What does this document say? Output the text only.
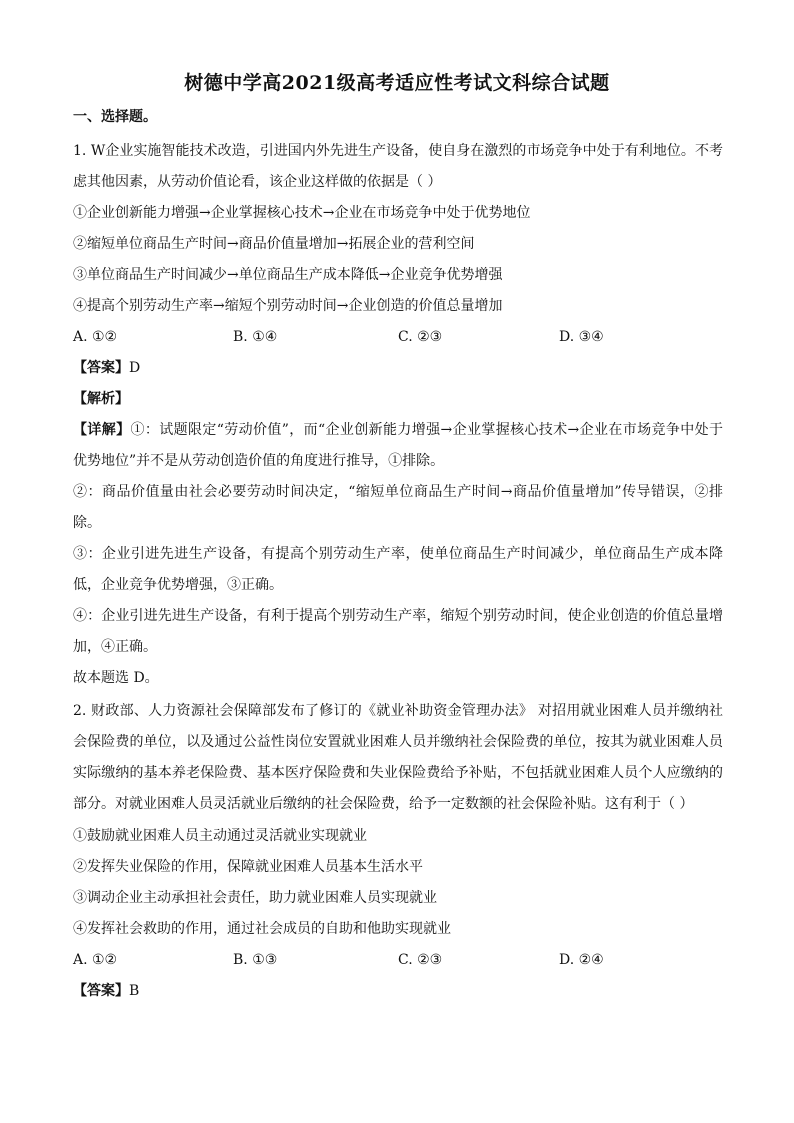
树德中学高2021级高考适应性考试文科综合试题
一、选择题。
1. W企业实施智能技术改造，引进国内外先进生产设备，使自身在激烈的市场竞争中处于有利地位。不考
虑其他因素，从劳动价值论看，该企业这样做的依据是（ ）
①企业创新能力增强→企业掌握核心技术→企业在市场竞争中处于优势地位
②缩短单位商品生产时间→商品价值量增加→拓展企业的营利空间
③单位商品生产时间减少→单位商品生产成本降低→企业竞争优势增强
④提高个别劳动生产率→缩短个别劳动时间→企业创造的价值总量增加
A. ①②	B. ①④	C. ②③	D. ③④
【答案】D
【解析】
【详解】①：试题限定“劳动价值”，而“企业创新能力增强→企业掌握核心技术→企业在市场竞争中处于
优势地位”并不是从劳动创造价值的角度进行推导，①排除。
②：商品价值量由社会必要劳动时间决定，“缩短单位商品生产时间→商品价值量增加”传导错误，②排
除。
③：企业引进先进生产设备，有提高个别劳动生产率，使单位商品生产时间减少，单位商品生产成本降
低，企业竞争优势增强，③正确。
④：企业引进先进生产设备，有利于提高个别劳动生产率，缩短个别劳动时间，使企业创造的价值总量增
加，④正确。
故本题选 D。
2. 财政部、人力资源社会保障部发布了修订的《就业补助资金管理办法》 对招用就业困难人员并缴纳社
会保险费的单位，以及通过公益性岗位安置就业困难人员并缴纳社会保险费的单位，按其为就业困难人员
实际缴纳的基本养老保险费、基本医疗保险费和失业保险费给予补贴，不包括就业困难人员个人应缴纳的
部分。对就业困难人员灵活就业后缴纳的社会保险费，给予一定数额的社会保险补贴。这有利于（ ）
①鼓励就业困难人员主动通过灵活就业实现就业
②发挥失业保险的作用，保障就业困难人员基本生活水平
③调动企业主动承担社会责任，助力就业困难人员实现就业
④发挥社会救助的作用，通过社会成员的自助和他助实现就业
A. ①②	B. ①③	C. ②③	D. ②④
【答案】B
